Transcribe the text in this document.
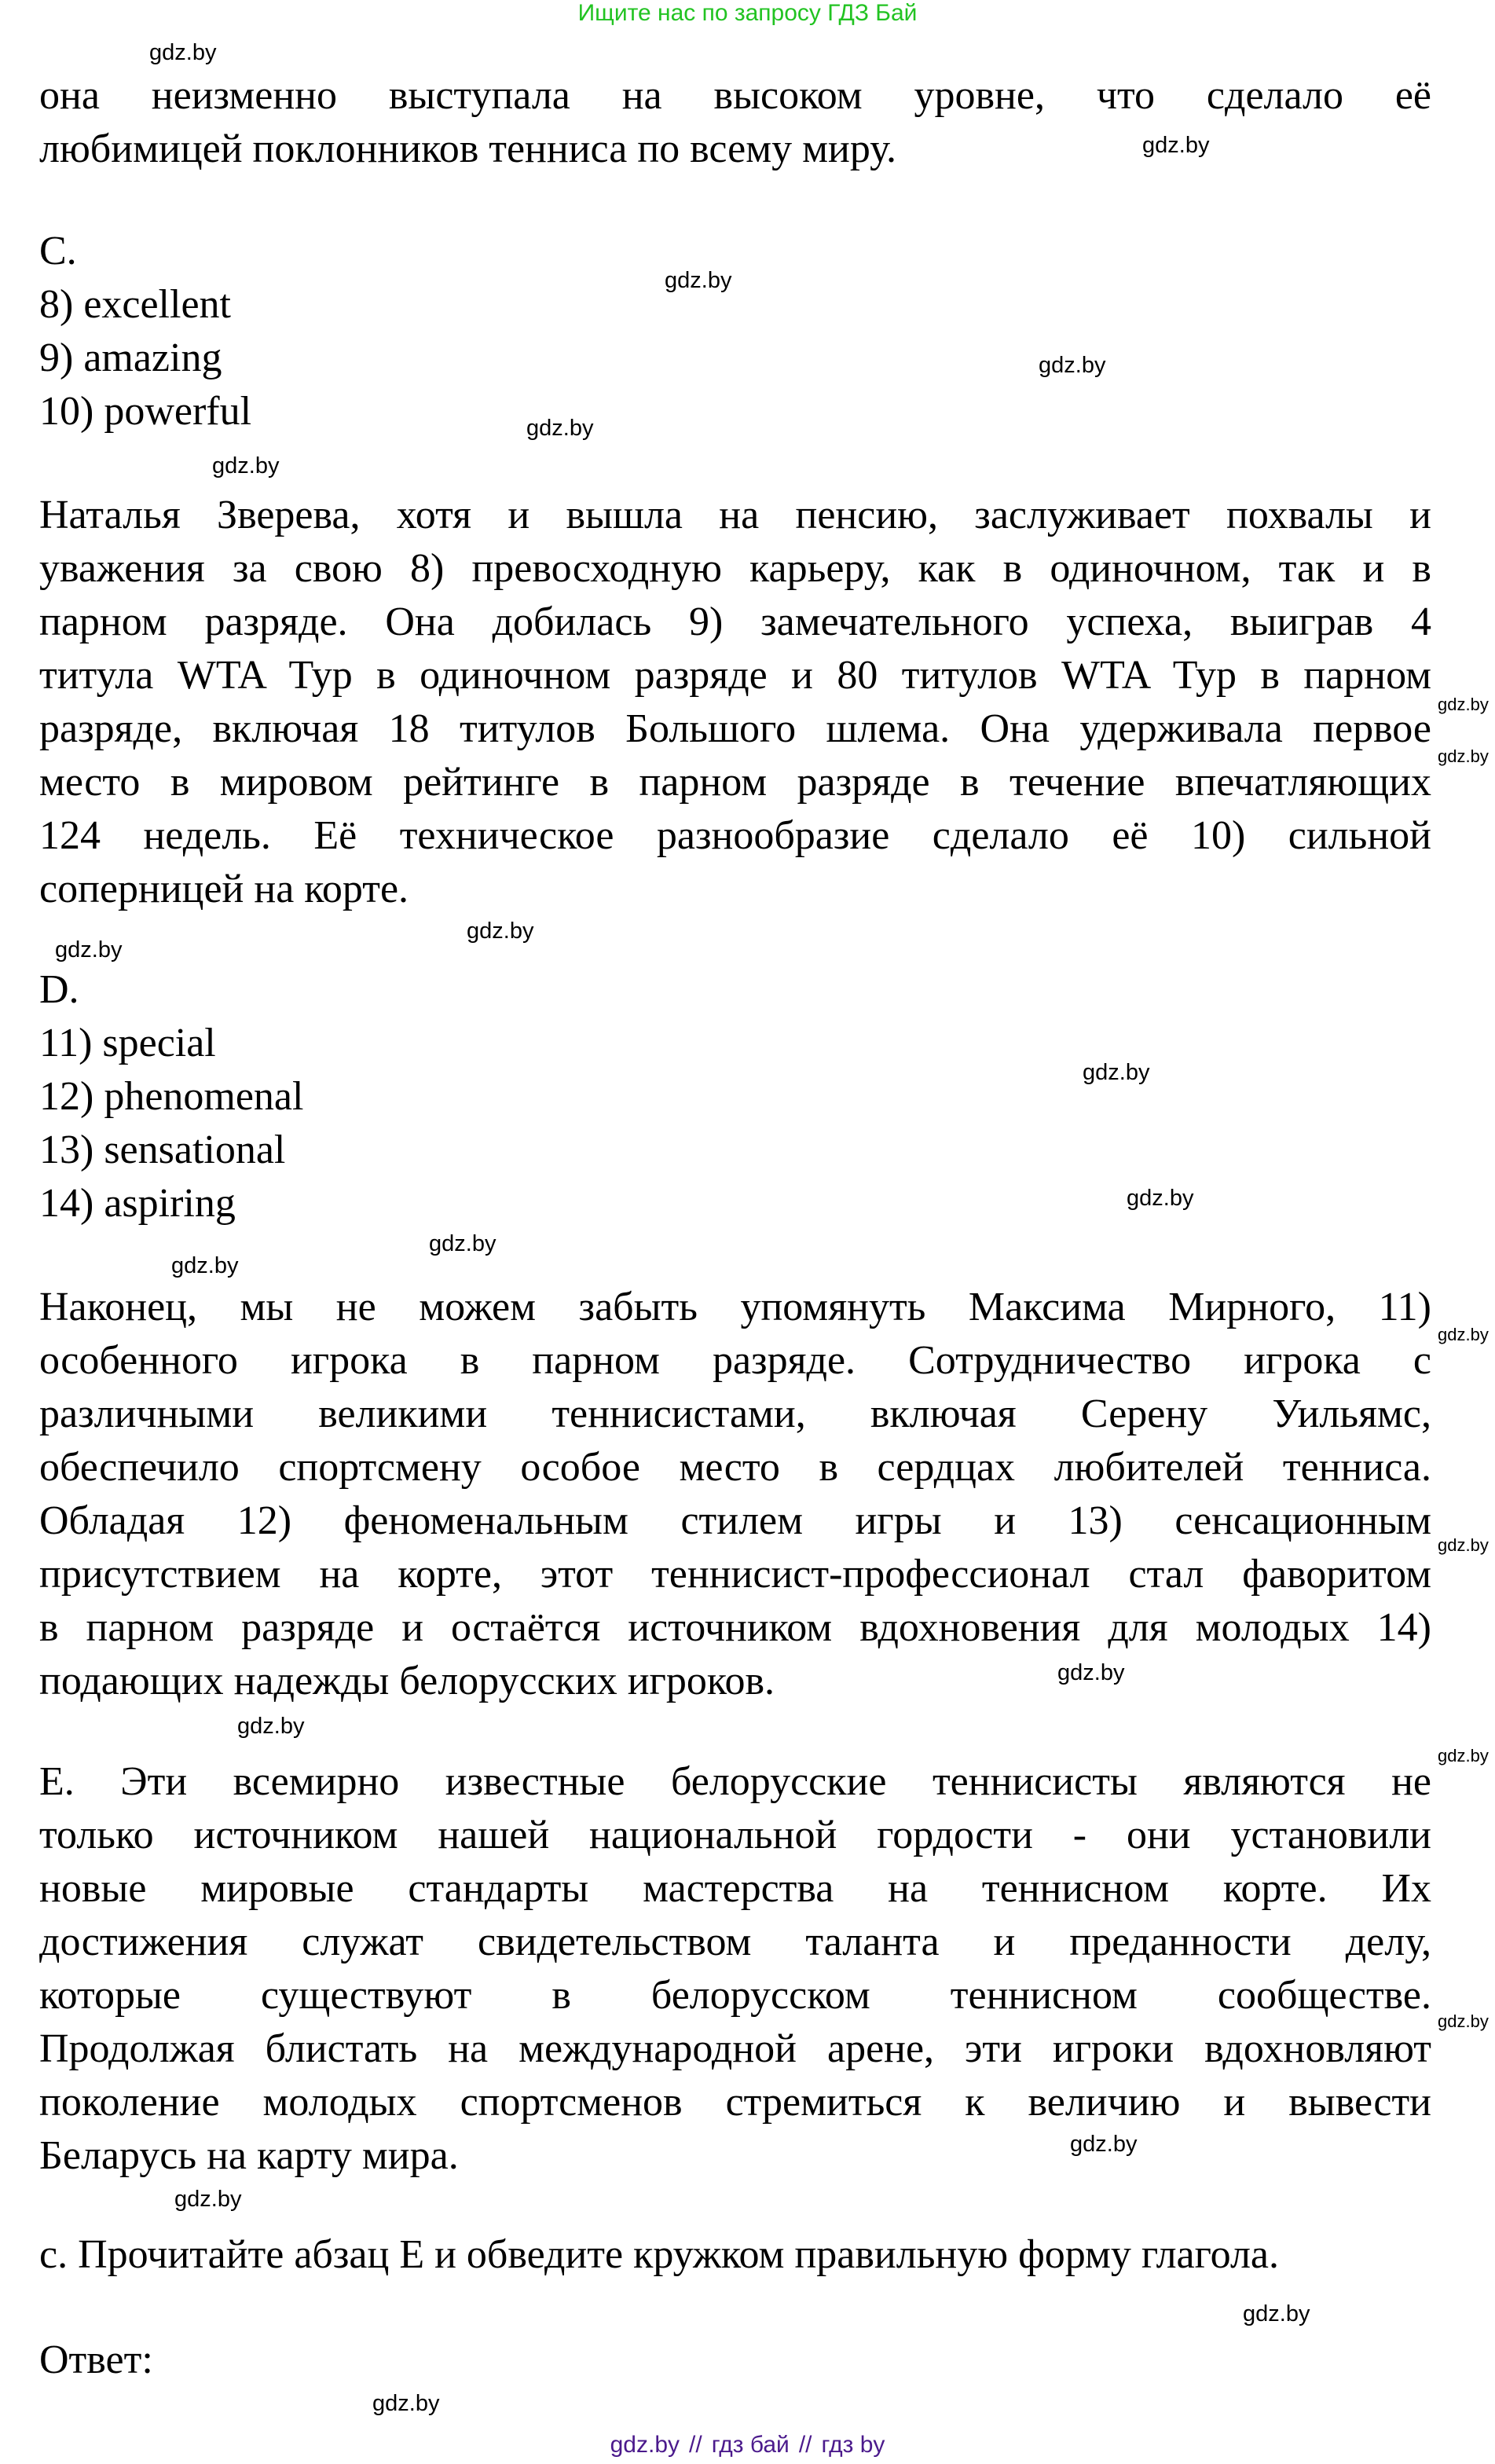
Ищите нас по запросу ГДЗ Бай
она неизменно выступала на высоком уровне, что сделало её
любимицей поклонников тенниса по всему миру.
C.
8) excellent
9) amazing
10) powerful
Наталья Зверева, хотя и вышла на пенсию, заслуживает похвалы и
уважения за свою 8) превосходную карьеру, как в одиночном, так и в
парном разряде. Она добилась 9) замечательного успеха, выиграв 4
титула WTA Тур в одиночном разряде и 80 титулов WTA Тур в парном
разряде, включая 18 титулов Большого шлема. Она удерживала первое
место в мировом рейтинге в парном разряде в течение впечатляющих
124 недель. Её техническое разнообразие сделало её 10) сильной
соперницей на корте.
D.
11) special
12) phenomenal
13) sensational
14) aspiring
Наконец, мы не можем забыть упомянуть Максима Мирного, 11)
особенного игрока в парном разряде. Сотрудничество игрока с
различными великими теннисистами, включая Серену Уильямс,
обеспечило спортсмену особое место в сердцах любителей тенниса.
Обладая 12) феноменальным стилем игры и 13) сенсационным
присутствием на корте, этот теннисист-профессионал стал фаворитом
в парном разряде и остаётся источником вдохновения для молодых 14)
подающих надежды белорусских игроков.
E. Эти всемирно известные белорусские теннисисты являются не
только источником нашей национальной гордости - они установили
новые мировые стандарты мастерства на теннисном корте. Их
достижения служат свидетельством таланта и преданности делу,
которые существуют в белорусском теннисном сообществе.
Продолжая блистать на международной арене, эти игроки вдохновляют
поколение молодых спортсменов стремиться к величию и вывести
Беларусь на карту мира.
c. Прочитайте абзац E и обведите кружком правильную форму глагола.
Ответ:
gdz.by
gdz.by
gdz.by
gdz.by
gdz.by
gdz.by
gdz.by
gdz.by
gdz.by
gdz.by
gdz.by
gdz.by
gdz.by
gdz.by
gdz.by
gdz.by
gdz.by
gdz.by
gdz.by
gdz.by
gdz.by
gdz.by
gdz.by
gdz.by
gdz.by // гдз бай // гдз by
